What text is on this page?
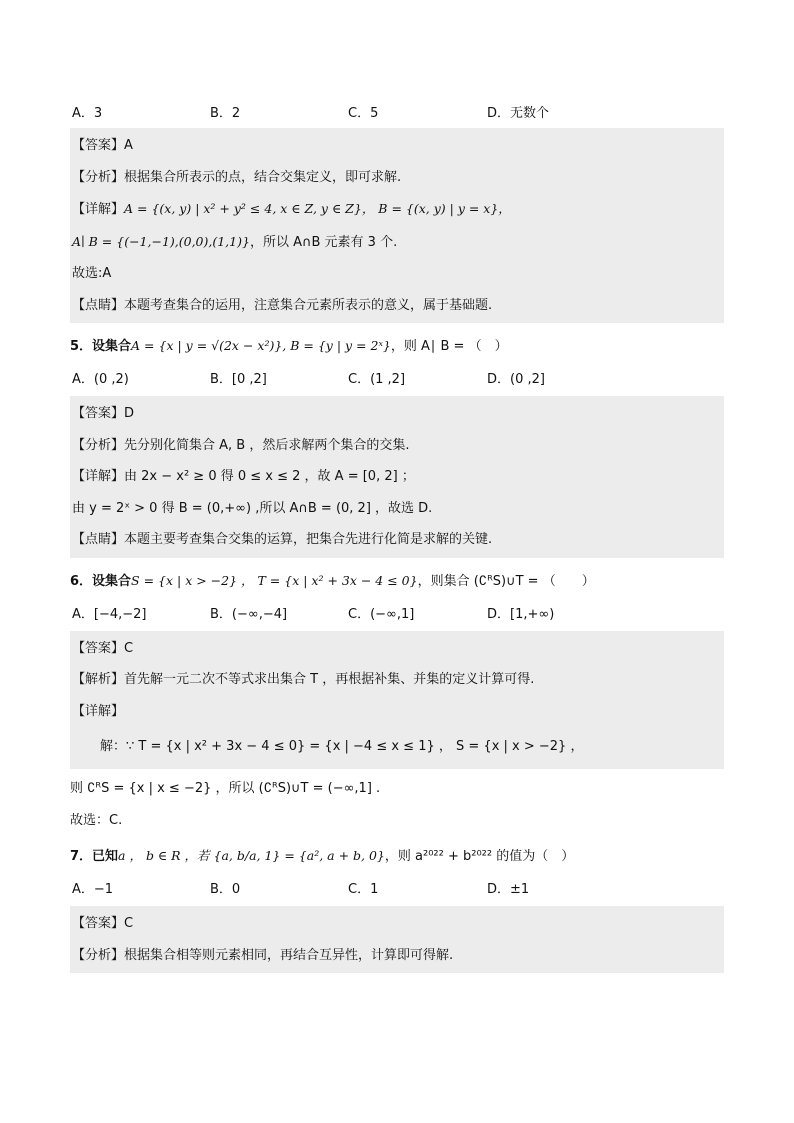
A．3	B．2	C．5	D．无数个

【答案】A

【分析】根据集合所表示的点，结合交集定义，即可求解.

【详解】A = {(x, y) | x² + y² ≤ 4, x ∈ Z, y ∈ Z}， B = {(x, y) | y = x}，

A∣ B = {(−1,−1),(0,0),(1,1)}，所以 A∩B 元素有 3 个.

故选:A

【点睛】本题考查集合的运用，注意集合元素所表示的意义，属于基础题.

5．设集合A = {x | y = √(2x − x²)}, B = {y | y = 2ˣ}，则 A∣ B = （　）

A．(0 ,2)	B．[0 ,2]	C．(1 ,2]	D．(0 ,2]

【答案】D

【分析】先分别化简集合 A, B ，然后求解两个集合的交集.

【详解】由 2x − x² ≥ 0 得 0 ≤ x ≤ 2 ，故 A = [0, 2] ；

由 y = 2ˣ > 0 得 B = (0,+∞) ,所以 A∩B = (0, 2] ，故选 D.

【点睛】本题主要考查集合交集的运算，把集合先进行化简是求解的关键.

6．设集合S = {x | x > −2} ， T = {x | x² + 3x − 4 ≤ 0}，则集合 (∁ᴿS)∪T = （　　）

A．[−4,−2]	B．(−∞,−4]	C．(−∞,1]	D．[1,+∞)

【答案】C

【解析】首先解一元二次不等式求出集合 T ，再根据补集、并集的定义计算可得.

【详解】

解：∵ T = {x | x² + 3x − 4 ≤ 0} = {x | −4 ≤ x ≤ 1} ， S = {x | x > −2} ，

则 ∁ᴿS = {x | x ≤ −2} ，所以 (∁ᴿS)∪T = (−∞,1] .

故选：C.

7．已知a ， b ∈ R ，若 {a, b/a, 1} = {a², a + b, 0}，则 a²⁰²² + b²⁰²² 的值为（　）

A．−1	B．0	C．1	D．±1

【答案】C

【分析】根据集合相等则元素相同，再结合互异性，计算即可得解.
